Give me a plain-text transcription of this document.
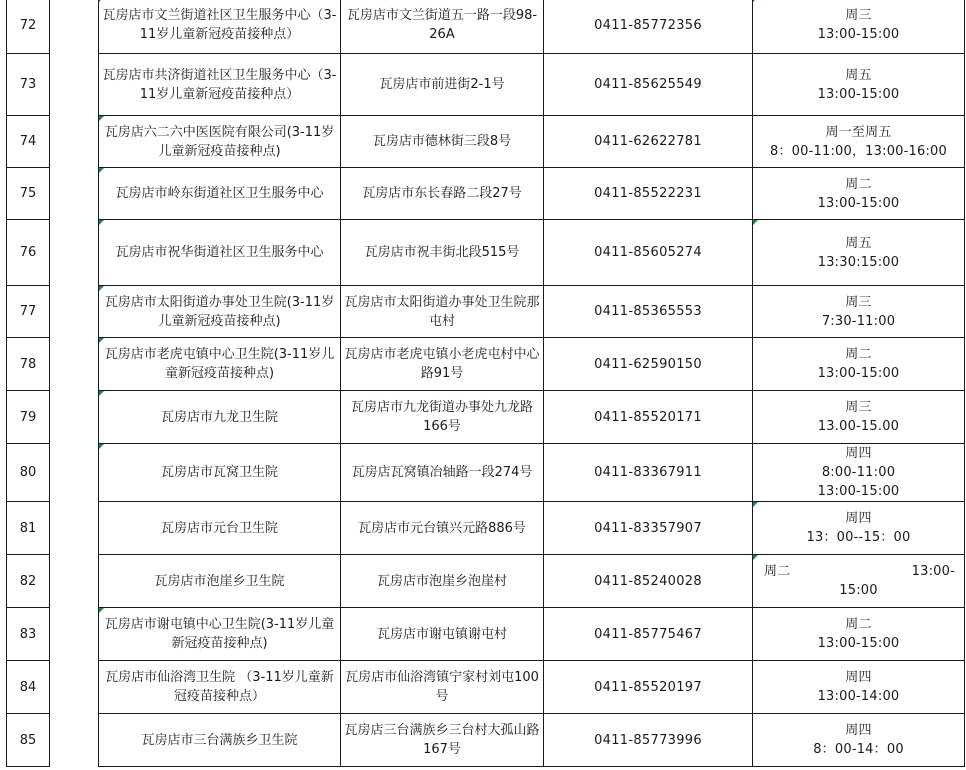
72		瓦房店市文兰街道社区卫生服务中心（3-11岁儿童新冠疫苗接种点）	瓦房店市文兰街道五一路一段98-26A	0411-85772356	周三
13:00-15:00
73		瓦房店市共济街道社区卫生服务中心（3-11岁儿童新冠疫苗接种点）	瓦房店市前进街2-1号	0411-85625549	周五
13:00-15:00
74		瓦房店六二六中医医院有限公司(3-11岁儿童新冠疫苗接种点)	瓦房店市德林街三段8号	0411-62622781	周一至周五
8：00-11:00，13:00-16:00
75		瓦房店市岭东街道社区卫生服务中心	瓦房店市东长春路二段27号	0411-85522231	周二
13:00-15:00
76		瓦房店市祝华街道社区卫生服务中心	瓦房店市祝丰街北段515号	0411-85605274	周五
13:30:15:00
77		瓦房店市太阳街道办事处卫生院(3-11岁儿童新冠疫苗接种点)	瓦房店市太阳街道办事处卫生院那屯村	0411-85365553	周三
7:30-11:00
78		瓦房店市老虎屯镇中心卫生院(3-11岁儿童新冠疫苗接种点)	瓦房店市老虎屯镇小老虎屯村中心路91号	0411-62590150	周二
13:00-15:00
79		瓦房店市九龙卫生院	瓦房店市九龙街道办事处九龙路166号	0411-85520171	周三
13.00-15.00
80		瓦房店市瓦窝卫生院	瓦房店瓦窝镇冶轴路一段274号	0411-83367911	周四
8:00-11:00
13:00-15:00
81		瓦房店市元台卫生院	瓦房店市元台镇兴元路886号	0411-83357907	周四
13：00--15：00
82		瓦房店市泡崖乡卫生院	瓦房店市泡崖乡泡崖村	0411-85240028	周二 13:00-
15:00

83		瓦房店市谢屯镇中心卫生院(3-11岁儿童新冠疫苗接种点)	瓦房店市谢屯镇谢屯村	0411-85775467	周二
13:00-15:00
84		瓦房店市仙浴湾卫生院 （3-11岁儿童新冠疫苗接种点）	瓦房店市仙浴湾镇宁家村刘屯100号	0411-85520197	周四
13:00-14:00
85		瓦房店市三台满族乡卫生院	瓦房店三台满族乡三台村大孤山路167号	0411-85773996	周四
8：00-14：00
